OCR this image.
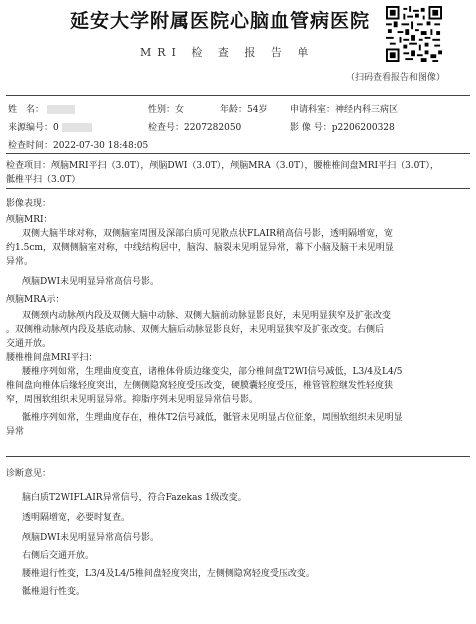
延安大学附属医院心脑血管病医院
MRI 检 查 报 告 单
（扫码查看报告和图像）
姓　名：	性别：女	年龄：54岁	申请科室：神经内科三病区
来源编号：0	检查号：2207282050	影 像 号：p2206200328
检查时间：2022-07-30 18:48:05
检查项目：颅脑MRI平扫（3.0T），颅脑DWI（3.0T），颅脑MRA（3.0T），腰椎椎间盘MRI平扫（3.0T），
骶椎平扫（3.0T）
影像表现：
颅脑MRI：
双侧大脑半球对称，双侧脑室周围及深部白质可见散点状FLAIR稍高信号影，透明隔增宽，宽
约1.5cm，双侧侧脑室对称，中线结构居中，脑沟、脑裂未见明显异常，幕下小脑及脑干未见明显
异常。
颅脑DWI未见明显异常高信号影。
颅脑MRA示：
双侧颈内动脉颅内段及双侧大脑中动脉、双侧大脑前动脉显影良好，未见明显狭窄及扩张改变
。双侧椎动脉颅内段及基底动脉、双侧大脑后动脉显影良好，未见明显狭窄及扩张改变。右侧后
交通开放。
腰椎椎间盘MRI平扫：
腰椎序列如常，生理曲度变直，诸椎体骨质边缘变尖，部分椎间盘T2WI信号减低，L3/4及L4/5
椎间盘向椎体后缘轻度突出，左侧侧隐窝轻度受压改变，硬膜囊轻度受压，椎管管腔继发性轻度狭
窄，周围软组织未见明显异常。抑脂序列未见明显异常信号影。
骶椎序列如常，生理曲度存在，椎体T2信号减低，骶管未见明显占位征象，周围软组织未见明显
异常
诊断意见：
脑白质T2WIFLAIR异常信号，符合Fazekas 1级改变。
透明隔增宽，必要时复查。
颅脑DWI未见明显异常高信号影。
右侧后交通开放。
腰椎退行性变，L3/4及L4/5椎间盘轻度突出，左侧侧隐窝轻度受压改变。
骶椎退行性变。
